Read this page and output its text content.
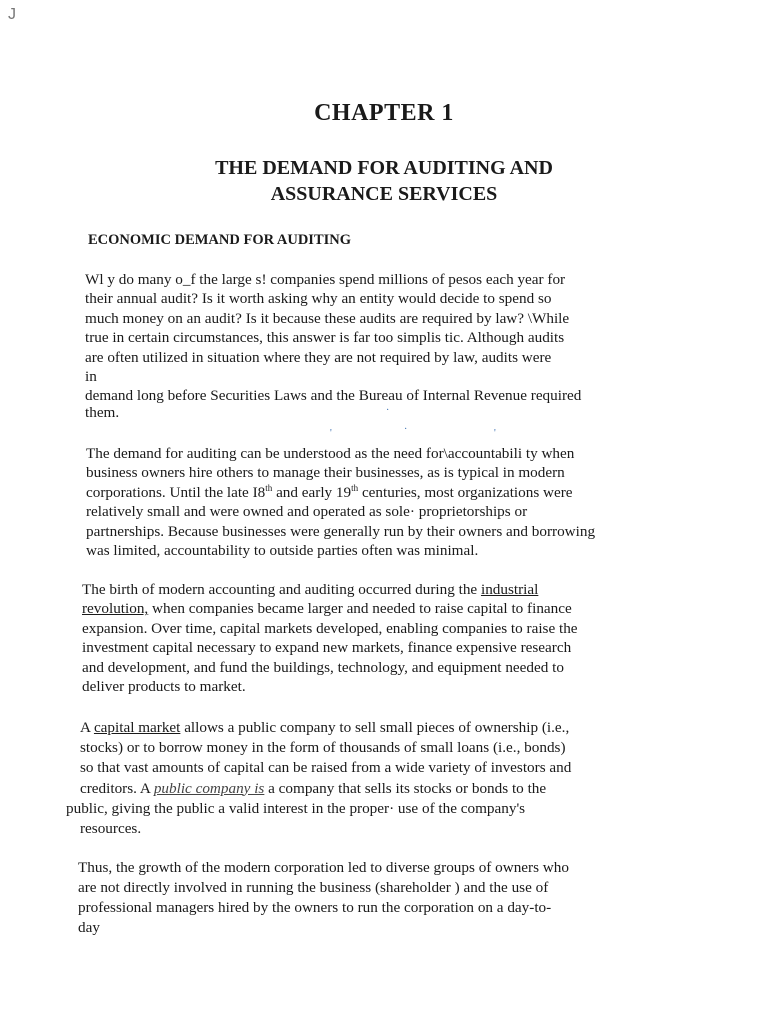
J
CHAPTER 1
THE DEMAND FOR AUDITING AND
ASSURANCE SERVICES
ECONOMIC DEMAND FOR AUDITING
Wl y do many o_f the large s! companies spend millions of pesos each year for
their annual audit? Is it worth asking why an entity would decide to spend so
much money on an audit? Is it because these audits are required by law? \While
true in certain circumstances, this answer is far too simplis tic. Although audits
are often utilized in situation where they are not required by law, audits were
in
demand long before Securities Laws and the Bureau of Internal Revenue required
them.	·
'	·	'
The demand for auditing can be understood as the need for\accountabili ty when
business owners hire others to manage their businesses, as is typical in modern
corporations. Until the late I8th and early 19th centuries, most organizations were
relatively small and were owned and operated as sole· proprietorships or
partnerships. Because businesses were generally run by their owners and borrowing
was limited, accountability to outside parties often was minimal.
The birth of modern accounting and auditing occurred during the industrial
revolution, when companies became larger and needed to raise capital to finance
expansion. Over time, capital markets developed, enabling companies to raise the
investment capital necessary to expand new markets, finance expensive research
and development, and fund the buildings, technology, and equipment needed to
deliver products to market.
A capital market allows a public company to sell small pieces of ownership (i.e.,
stocks) or to borrow money in the form of thousands of small loans (i.e., bonds)
so that vast amounts of capital can be raised from a wide variety of investors and
creditors. A public company is a company that sells its stocks or bonds to the
public, giving the public a valid interest in the proper· use of the company's
resources.
Thus, the growth of the modern corporation led to diverse groups of owners who
are not directly involved in running the business (shareholder ) and the use of
professional managers hired by the owners to run the corporation on a day-to-
day
